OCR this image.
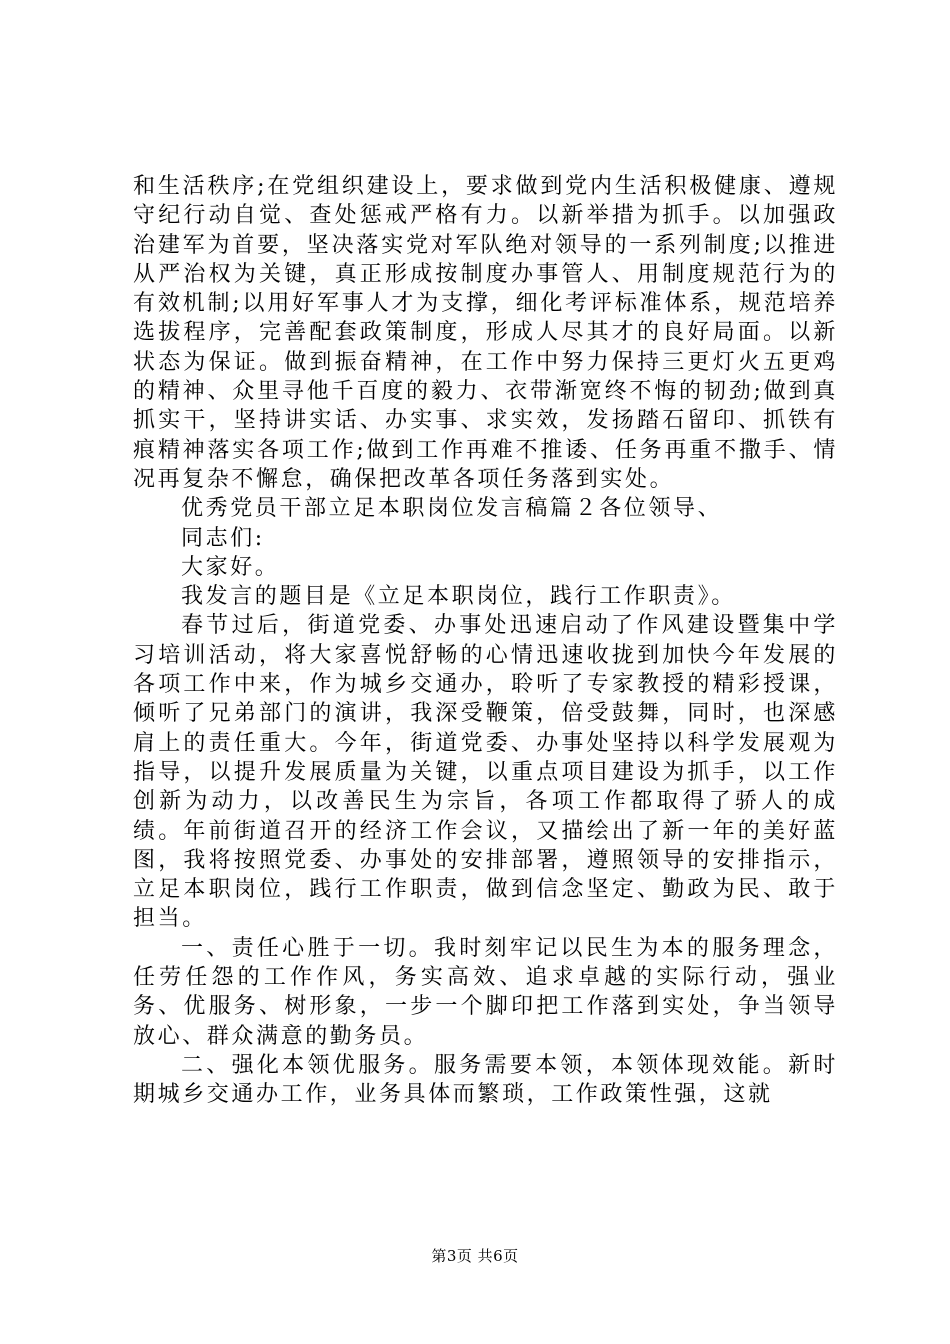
和生活秩序;在党组织建设上，要求做到党内生活积极健康、遵规守纪行动自觉、查处惩戒严格有力。以新举措为抓手。以加强政治建军为首要，坚决落实党对军队绝对领导的一系列制度;以推进从严治权为关键，真正形成按制度办事管人、用制度规范行为的有效机制;以用好军事人才为支撑，细化考评标准体系，规范培养选拔程序，完善配套政策制度，形成人尽其才的良好局面。以新状态为保证。做到振奋精神，在工作中努力保持三更灯火五更鸡的精神、众里寻他千百度的毅力、衣带渐宽终不悔的韧劲;做到真抓实干，坚持讲实话、办实事、求实效，发扬踏石留印、抓铁有痕精神落实各项工作;做到工作再难不推诿、任务再重不撒手、情况再复杂不懈怠，确保把改革各项任务落到实处。

优秀党员干部立足本职岗位发言稿篇２各位领导、

同志们:

大家好。

我发言的题目是《立足本职岗位，践行工作职责》。

春节过后，街道党委、办事处迅速启动了作风建设暨集中学习培训活动，将大家喜悦舒畅的心情迅速收拢到加快今年发展的各项工作中来，作为城乡交通办，聆听了专家教授的精彩授课，倾听了兄弟部门的演讲，我深受鞭策，倍受鼓舞，同时，也深感肩上的责任重大。今年，街道党委、办事处坚持以科学发展观为指导，以提升发展质量为关键，以重点项目建设为抓手，以工作创新为动力，以改善民生为宗旨，各项工作都取得了骄人的成绩。年前街道召开的经济工作会议，又描绘出了新一年的美好蓝图，我将按照党委、办事处的安排部署，遵照领导的安排指示，立足本职岗位，践行工作职责，做到信念坚定、勤政为民、敢于担当。

一、责任心胜于一切。我时刻牢记以民生为本的服务理念，任劳任怨的工作作风，务实高效、追求卓越的实际行动，强业务、优服务、树形象，一步一个脚印把工作落到实处，争当领导放心、群众满意的勤务员。

二、强化本领优服务。服务需要本领，本领体现效能。新时期城乡交通办工作，业务具体而繁琐，工作政策性强，这就

第3页 共6页
